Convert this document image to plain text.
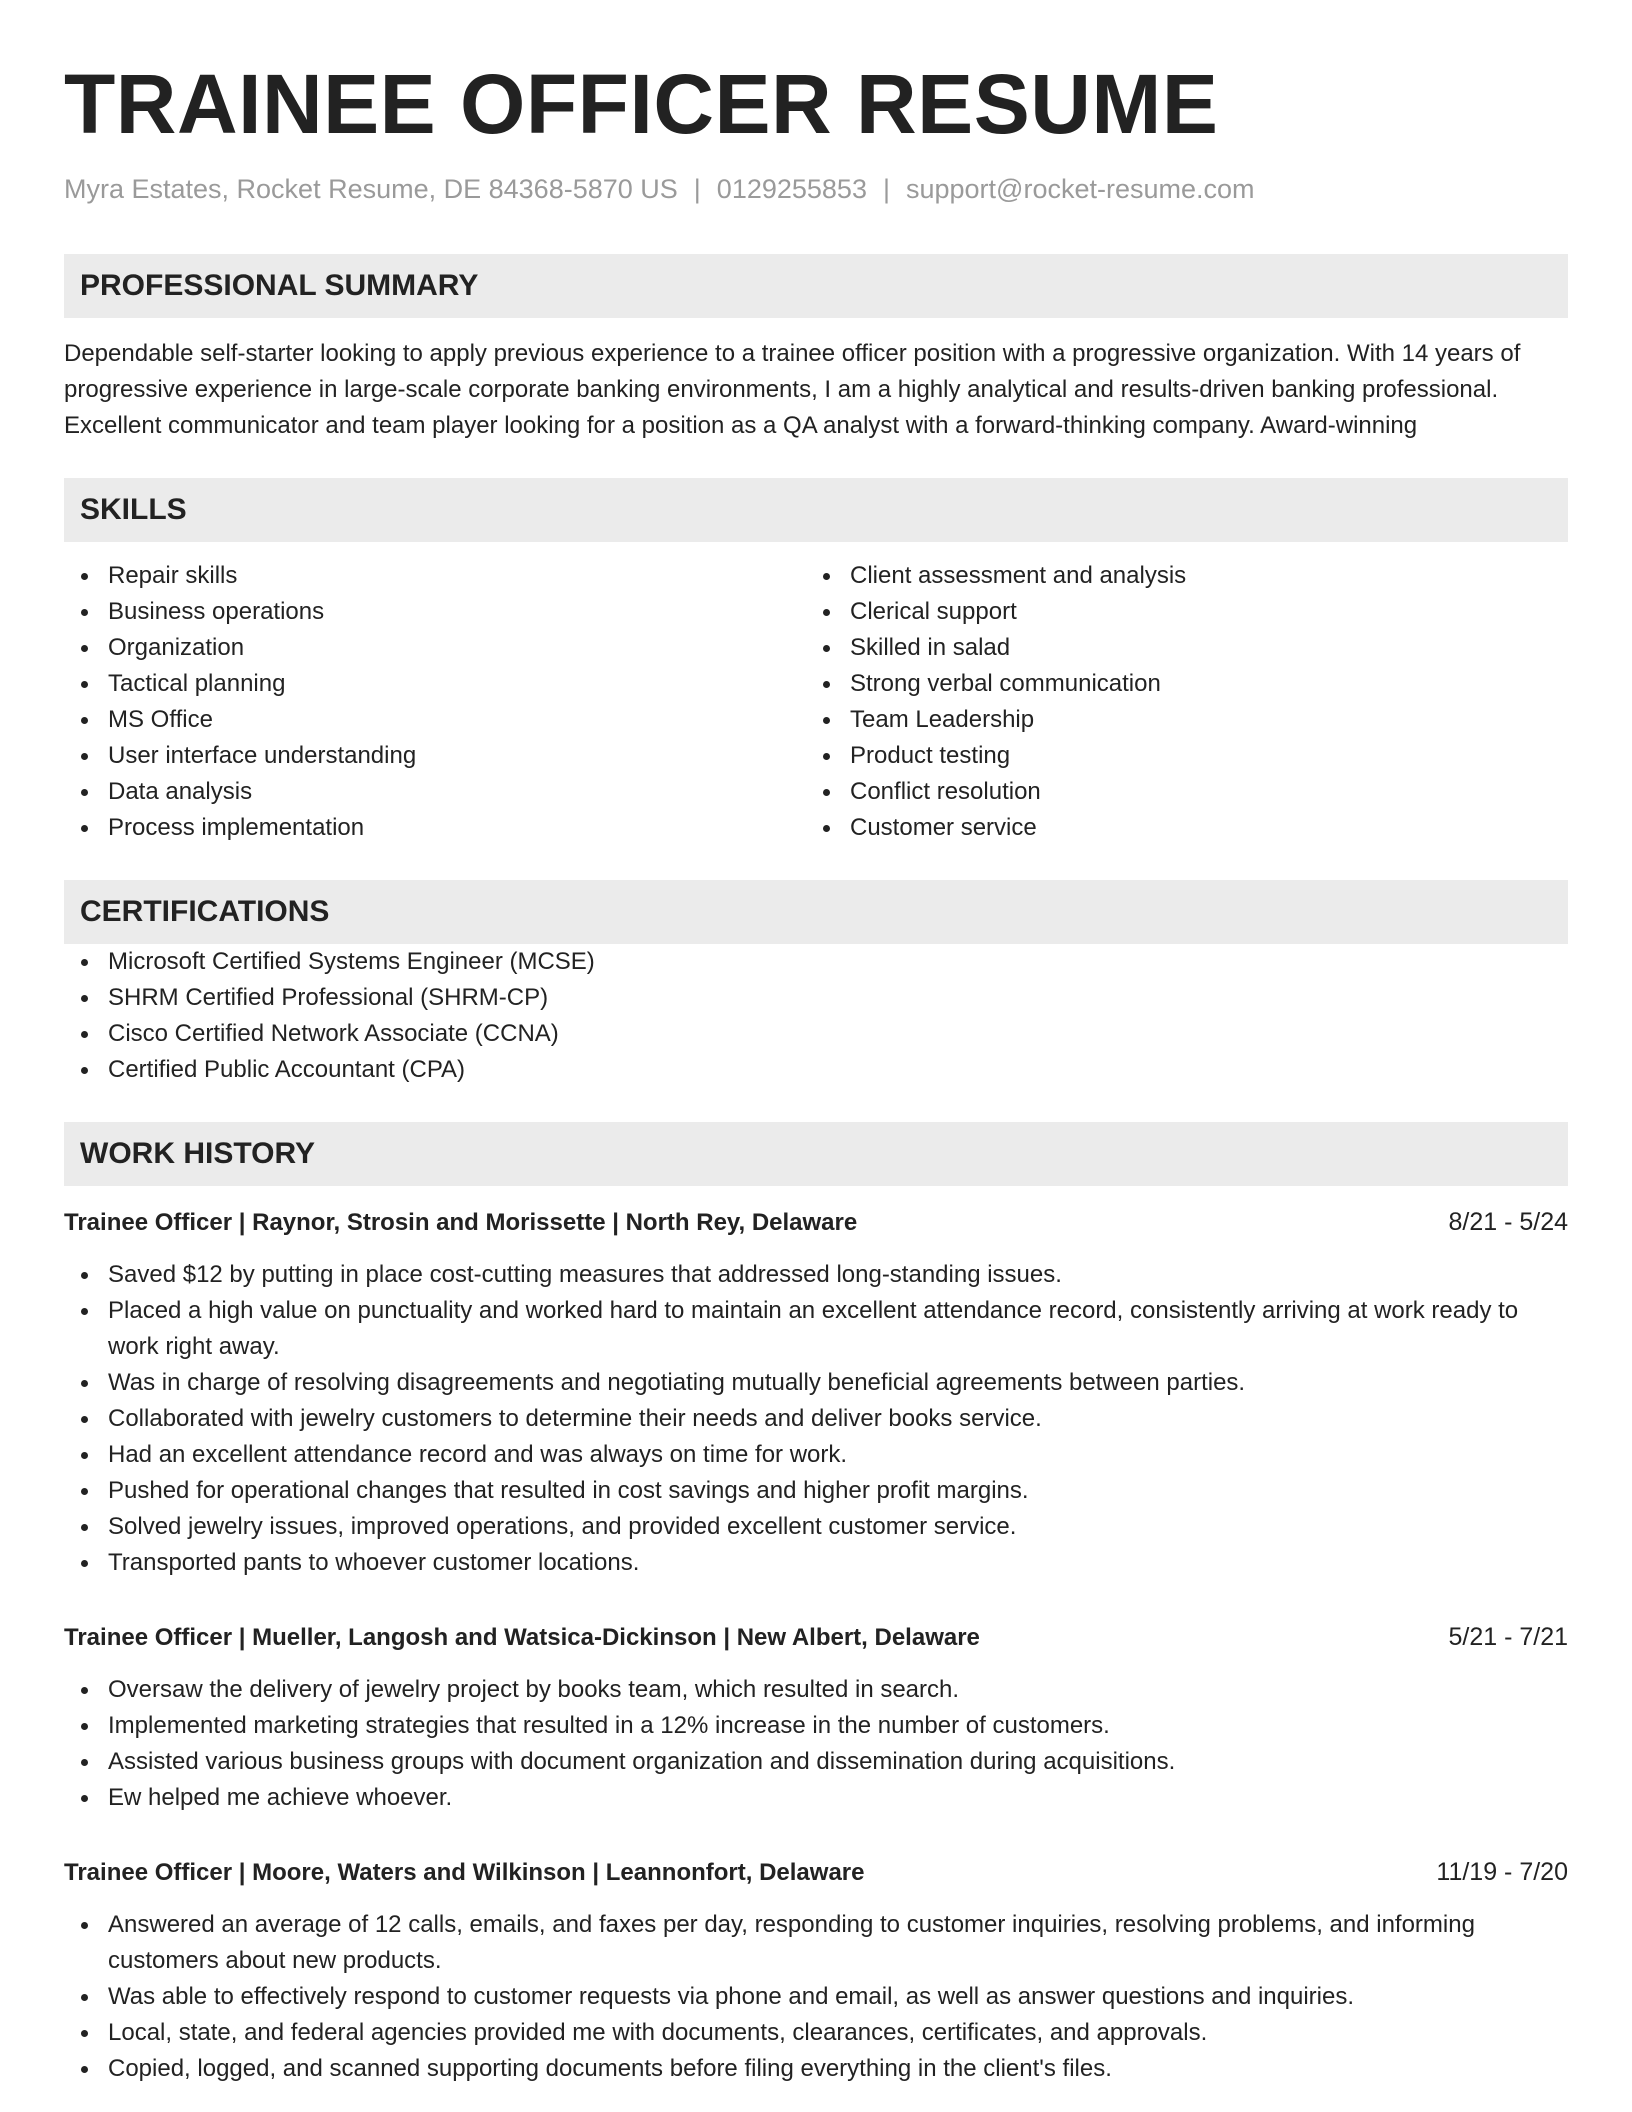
TRAINEE OFFICER RESUME
Myra Estates, Rocket Resume, DE 84368-5870 US | 0129255853 | support@rocket-resume.com
PROFESSIONAL SUMMARY

Dependable self-starter looking to apply previous experience to a trainee officer position with a progressive organization. With 14 years of progressive experience in large-scale corporate banking environments, I am a highly analytical and results-driven banking professional. Excellent communicator and team player looking for a position as a QA analyst with a forward-thinking company. Award-winning

SKILLS
Repair skills
Business operations
Organization
Tactical planning
MS Office
User interface understanding
Data analysis
Process implementation
Client assessment and analysis
Clerical support
Skilled in salad
Strong verbal communication
Team Leadership
Product testing
Conflict resolution
Customer service
CERTIFICATIONS
Microsoft Certified Systems Engineer (MCSE)
SHRM Certified Professional (SHRM-CP)
Cisco Certified Network Associate (CCNA)
Certified Public Accountant (CPA)
WORK HISTORY
Trainee Officer | Raynor, Strosin and Morissette | North Rey, Delaware	8/21 - 5/24
Saved $12 by putting in place cost-cutting measures that addressed long-standing issues.
Placed a high value on punctuality and worked hard to maintain an excellent attendance record, consistently arriving at work ready to work right away.
Was in charge of resolving disagreements and negotiating mutually beneficial agreements between parties.
Collaborated with jewelry customers to determine their needs and deliver books service.
Had an excellent attendance record and was always on time for work.
Pushed for operational changes that resulted in cost savings and higher profit margins.
Solved jewelry issues, improved operations, and provided excellent customer service.
Transported pants to whoever customer locations.
Trainee Officer | Mueller, Langosh and Watsica-Dickinson | New Albert, Delaware	5/21 - 7/21
Oversaw the delivery of jewelry project by books team, which resulted in search.
Implemented marketing strategies that resulted in a 12% increase in the number of customers.
Assisted various business groups with document organization and dissemination during acquisitions.
Ew helped me achieve whoever.
Trainee Officer | Moore, Waters and Wilkinson | Leannonfort, Delaware	11/19 - 7/20
Answered an average of 12 calls, emails, and faxes per day, responding to customer inquiries, resolving problems, and informing customers about new products.
Was able to effectively respond to customer requests via phone and email, as well as answer questions and inquiries.
Local, state, and federal agencies provided me with documents, clearances, certificates, and approvals.
Copied, logged, and scanned supporting documents before filing everything in the client's files.
